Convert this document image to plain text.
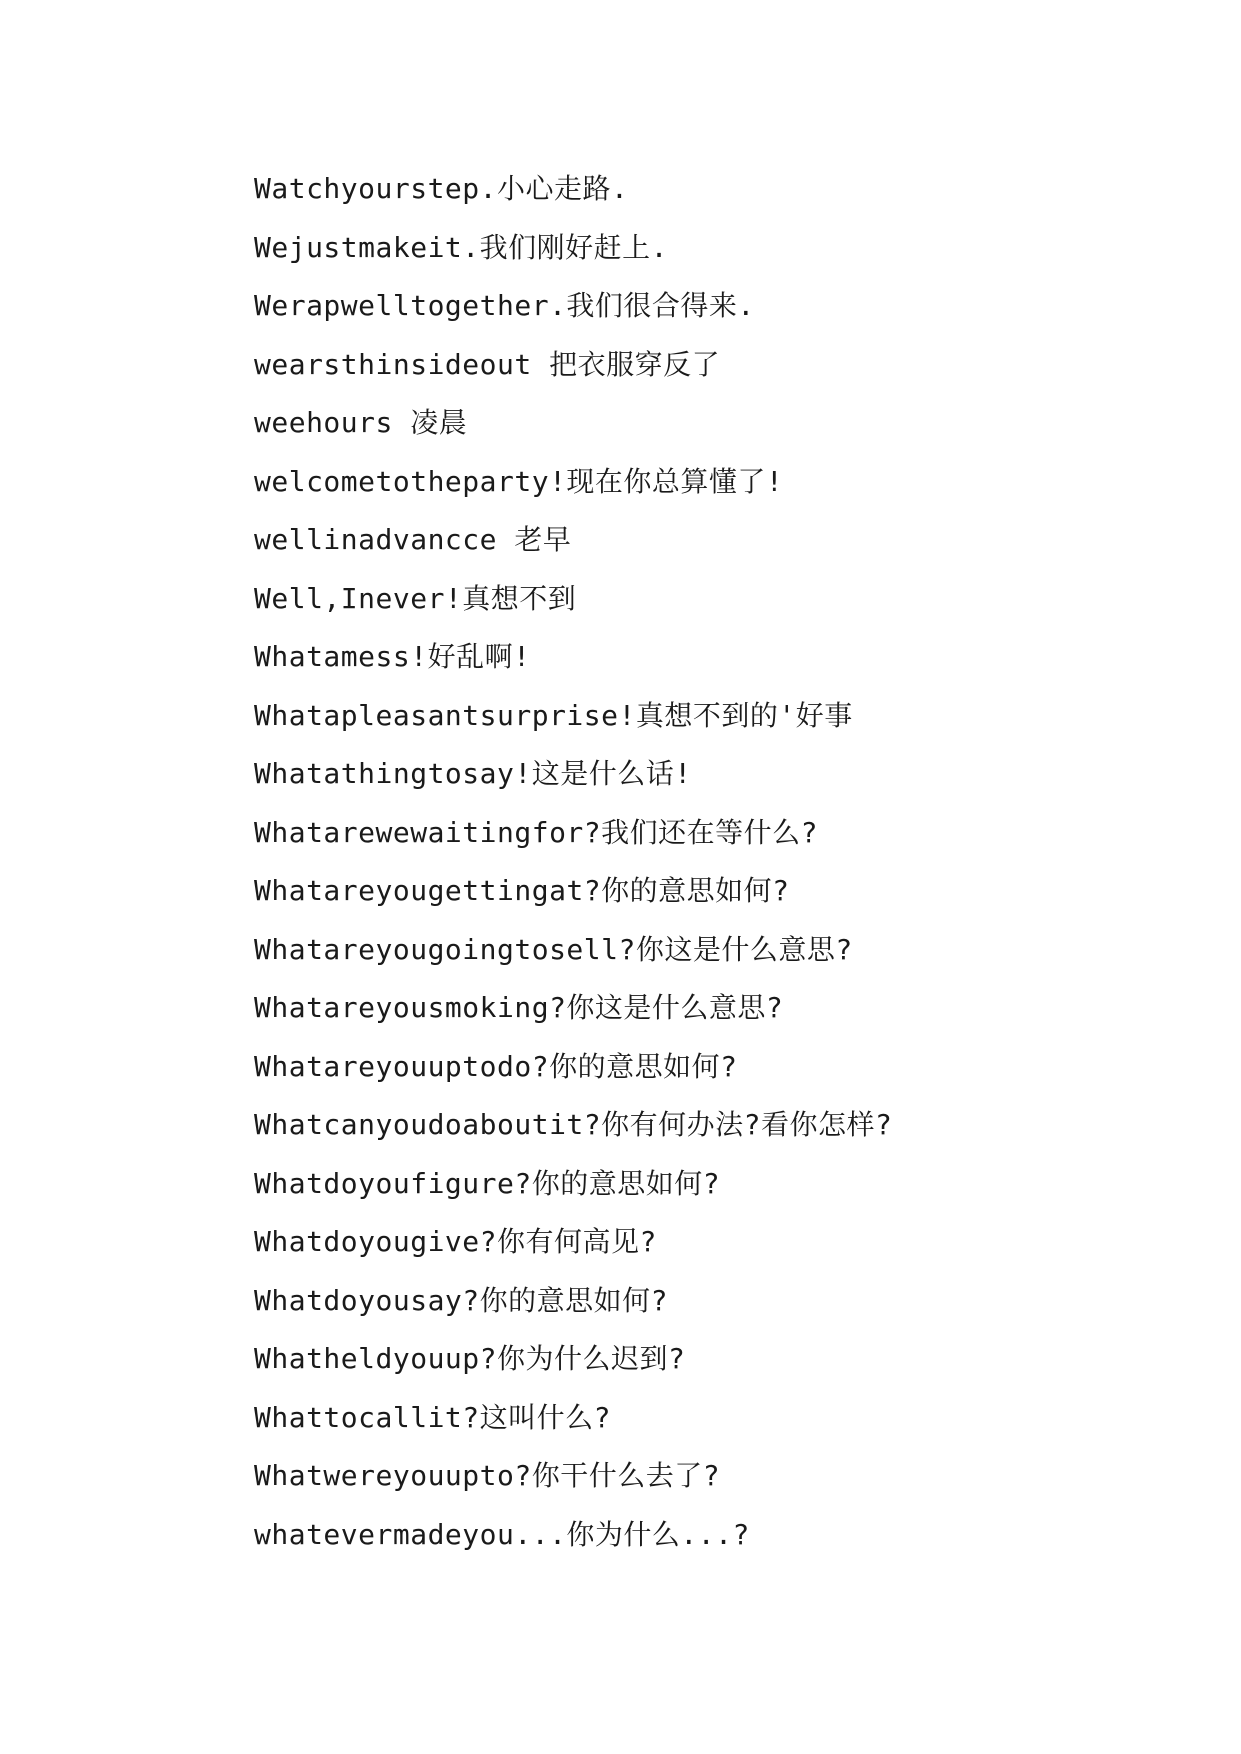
Watchyourstep.小心走路.
Wejustmakeit.我们刚好赶上.
Werapwelltogether.我们很合得来.
wearsthinsideout 把衣服穿反了
weehours 凌晨
welcometotheparty!现在你总算懂了!
wellinadvancce 老早
Well,Inever!真想不到
Whatamess!好乱啊!
Whatapleasantsurprise!真想不到的'好事
Whatathingtosay!这是什么话!
Whatarewewaitingfor?我们还在等什么?
Whatareyougettingat?你的意思如何?
Whatareyougoingtosell?你这是什么意思?
Whatareyousmoking?你这是什么意思?
Whatareyouuptodo?你的意思如何?
Whatcanyoudoaboutit?你有何办法?看你怎样?
Whatdoyoufigure?你的意思如何?
Whatdoyougive?你有何高见?
Whatdoyousay?你的意思如何?
Whatheldyouup?你为什么迟到?
Whattocallit?这叫什么?
Whatwereyouupto?你干什么去了?
whatevermadeyou...你为什么...?
